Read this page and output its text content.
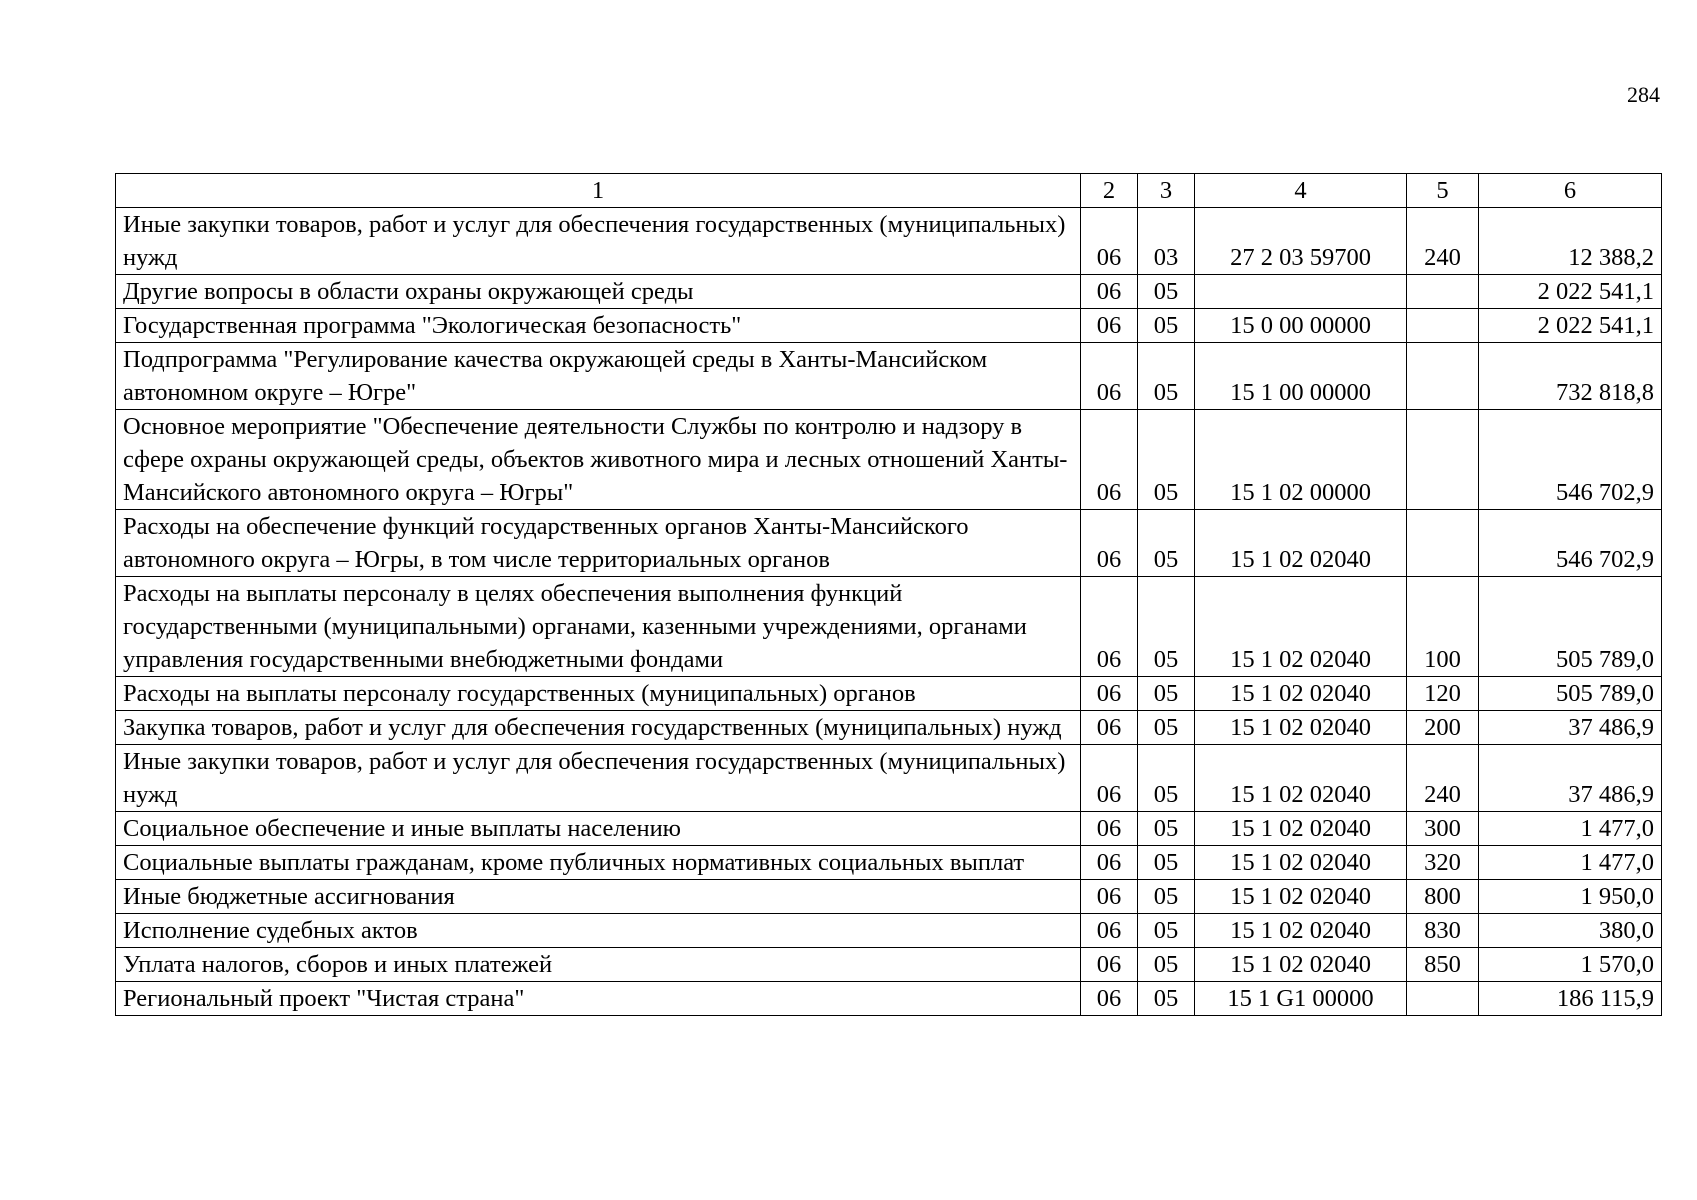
284
1	2	3	4	5	6
Иные закупки товаров, работ и услуг для обеспечения государственных (муниципальных) нужд	06	03	27 2 03 59700	240	12 388,2
Другие вопросы в области охраны окружающей среды	06	05			2 022 541,1
Государственная программа "Экологическая безопасность"	06	05	15 0 00 00000		2 022 541,1
Подпрограмма "Регулирование качества окружающей среды в Ханты-Мансийском автономном округе – Югре"	06	05	15 1 00 00000		732 818,8
Основное мероприятие "Обеспечение деятельности Службы по контролю и надзору в сфере охраны окружающей среды, объектов животного мира и лесных отношений Ханты-Мансийского автономного округа – Югры"	06	05	15 1 02 00000		546 702,9
Расходы на обеспечение функций государственных органов Ханты-Мансийского автономного округа – Югры, в том числе территориальных органов	06	05	15 1 02 02040		546 702,9
Расходы на выплаты персоналу в целях обеспечения выполнения функций государственными (муниципальными) органами, казенными учреждениями, органами управления государственными внебюджетными фондами	06	05	15 1 02 02040	100	505 789,0
Расходы на выплаты персоналу государственных (муниципальных) органов	06	05	15 1 02 02040	120	505 789,0
Закупка товаров, работ и услуг для обеспечения государственных (муниципальных) нужд	06	05	15 1 02 02040	200	37 486,9
Иные закупки товаров, работ и услуг для обеспечения государственных (муниципальных) нужд	06	05	15 1 02 02040	240	37 486,9
Социальное обеспечение и иные выплаты населению	06	05	15 1 02 02040	300	1 477,0
Социальные выплаты гражданам, кроме публичных нормативных социальных выплат	06	05	15 1 02 02040	320	1 477,0
Иные бюджетные ассигнования	06	05	15 1 02 02040	800	1 950,0
Исполнение судебных актов	06	05	15 1 02 02040	830	380,0
Уплата налогов, сборов и иных платежей	06	05	15 1 02 02040	850	1 570,0
Региональный проект "Чистая страна"	06	05	15 1 G1 00000		186 115,9
